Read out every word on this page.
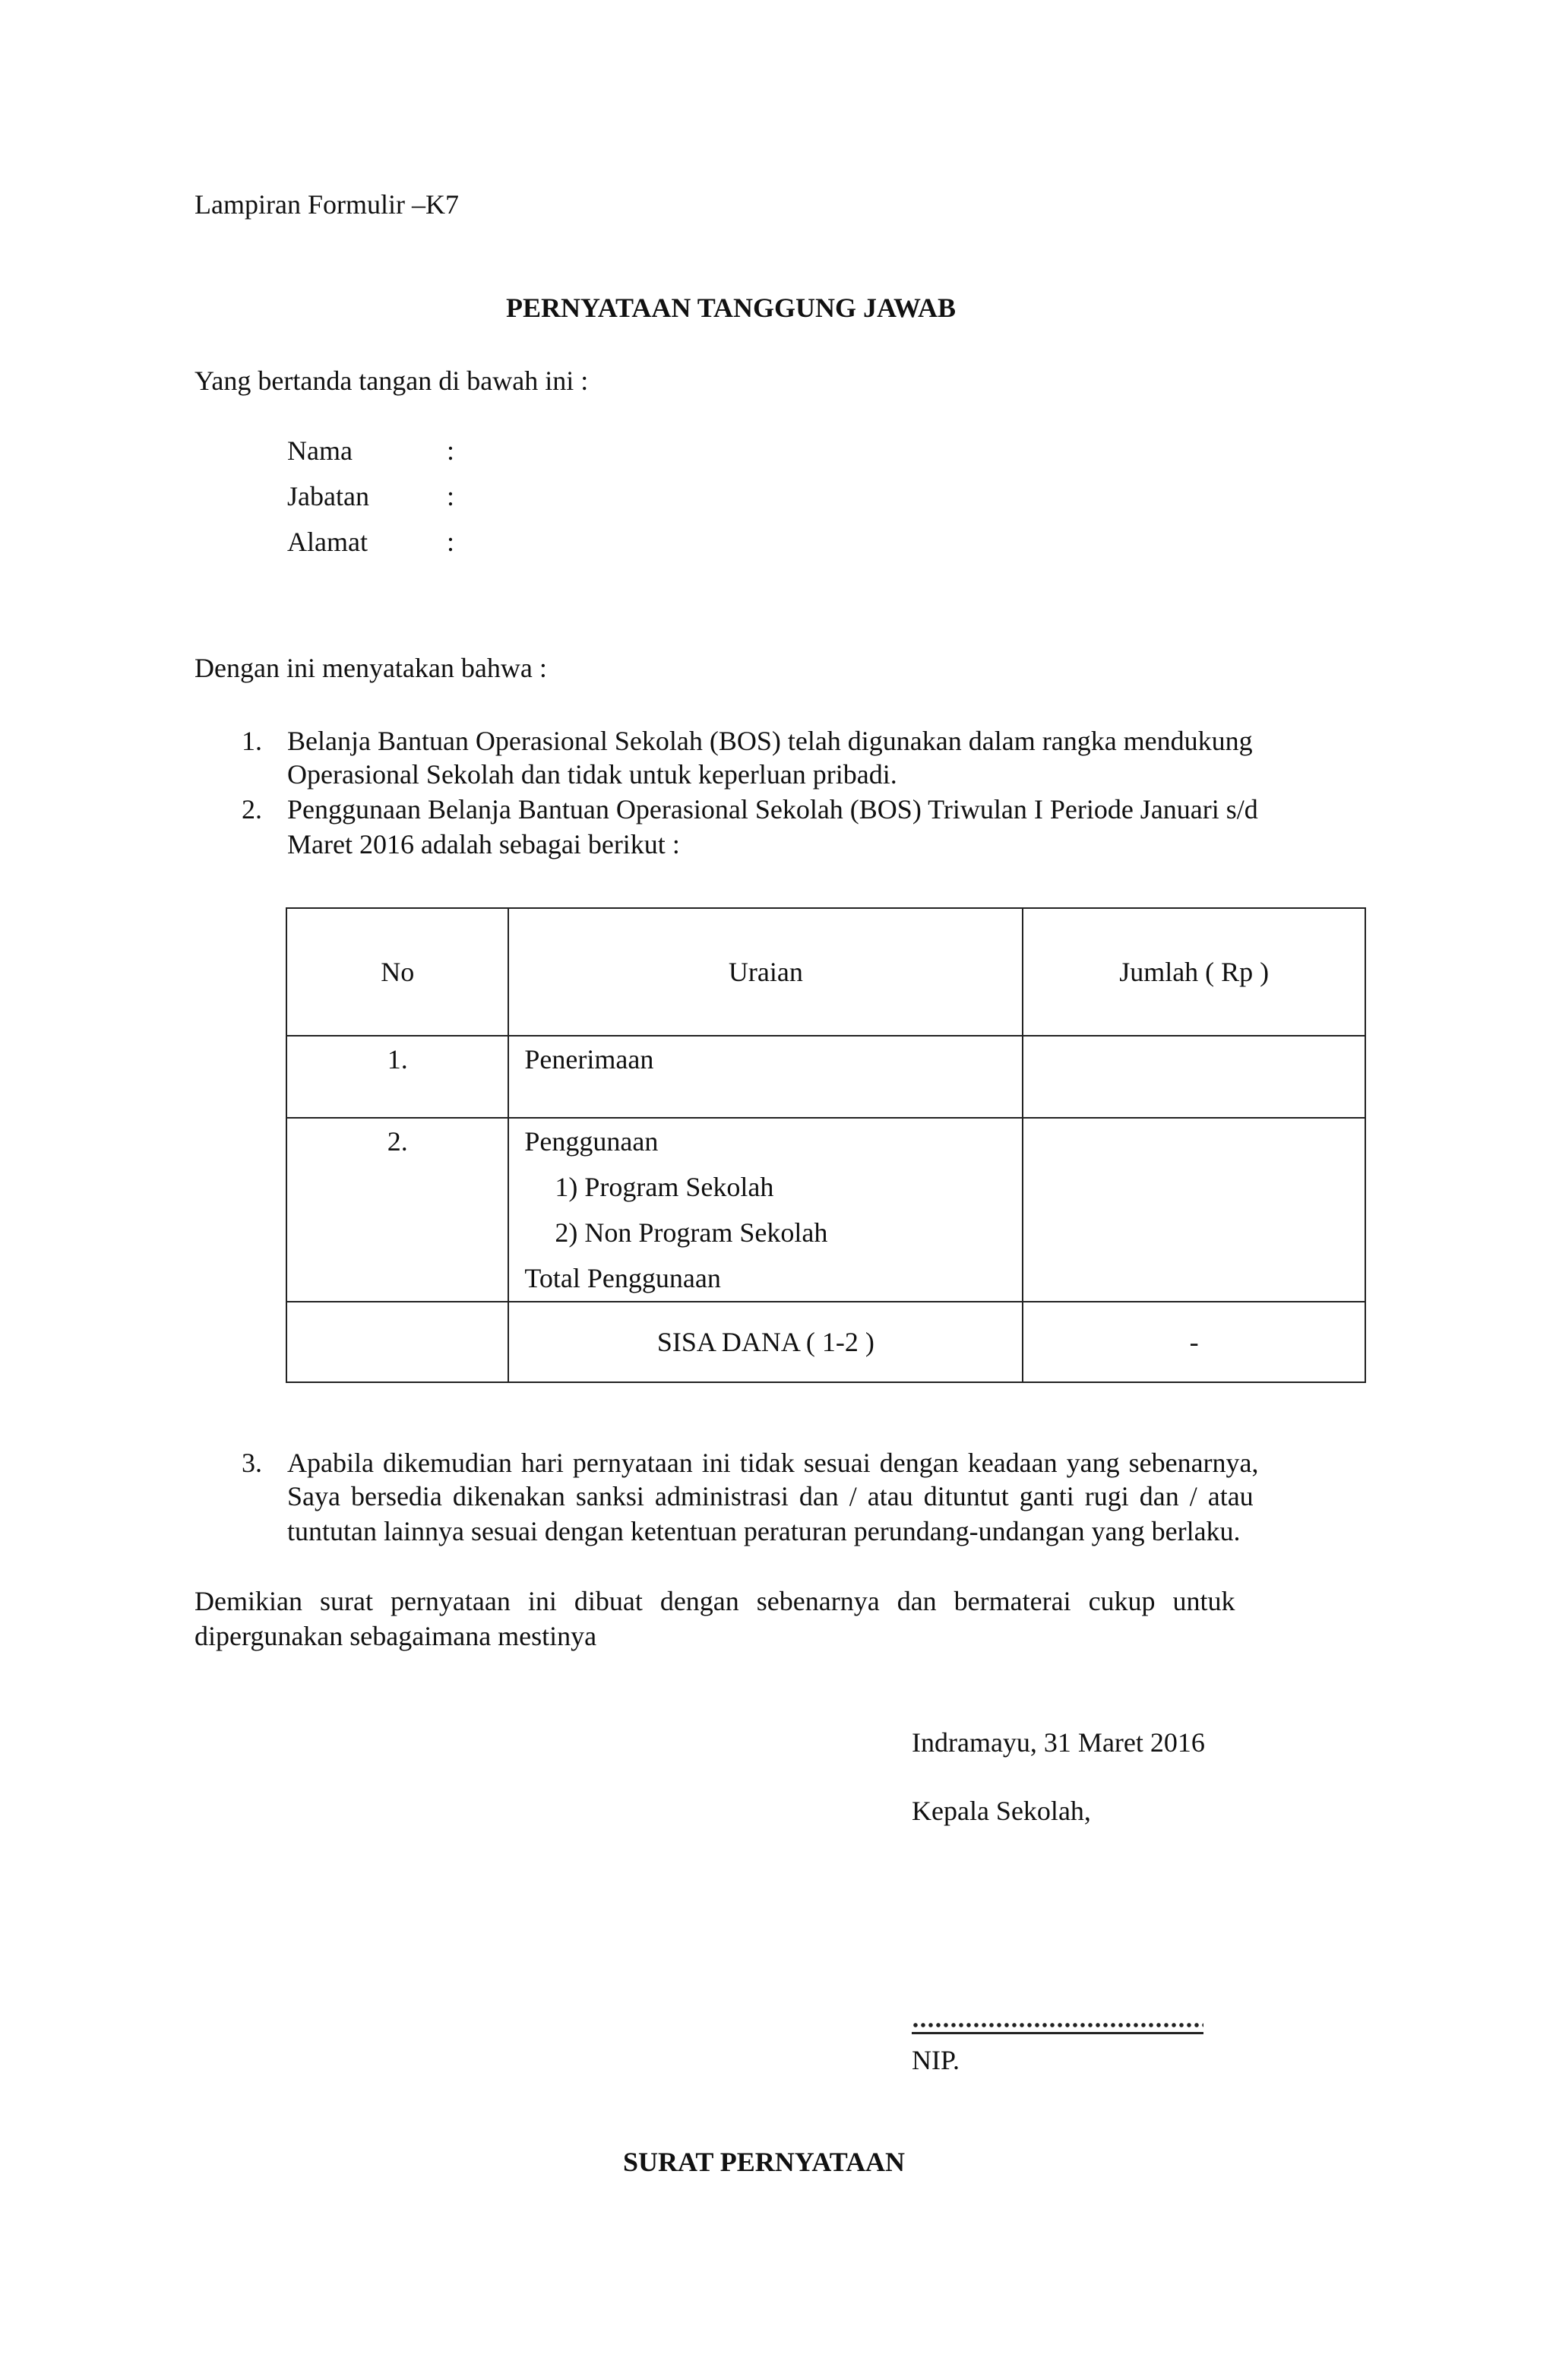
Lampiran Formulir –K7

PERNYATAAN TANGGUNG JAWAB

Yang bertanda tangan di bawah ini :

Nama	:
Jabatan	:
Alamat	:

Dengan ini menyatakan bahwa :

1. Belanja Bantuan Operasional Sekolah (BOS) telah digunakan dalam rangka mendukung

Operasional Sekolah dan tidak untuk keperluan pribadi.

2. Penggunaan Belanja Bantuan Operasional Sekolah (BOS) Triwulan I Periode Januari s/d

Maret 2016 adalah sebagai berikut :

No	Uraian	Jumlah ( Rp )
1.	Penerimaan	
2.	Penggunaan
1) Program Sekolah
2) Non Program Sekolah
Total Penggunaan	

	SISA DANA ( 1-2 )	-
3. Apabila dikemudian hari pernyataan ini tidak sesuai dengan keadaan yang sebenarnya,

Saya bersedia dikenakan sanksi administrasi dan / atau dituntut ganti rugi dan / atau

tuntutan lainnya sesuai dengan ketentuan peraturan perundang-undangan yang berlaku.

Demikian surat pernyataan ini dibuat dengan sebenarnya dan bermaterai cukup untuk

dipergunakan sebagaimana mestinya

Indramayu, 31 Maret 2016

Kepala Sekolah,

NIP.

SURAT PERNYATAAN
